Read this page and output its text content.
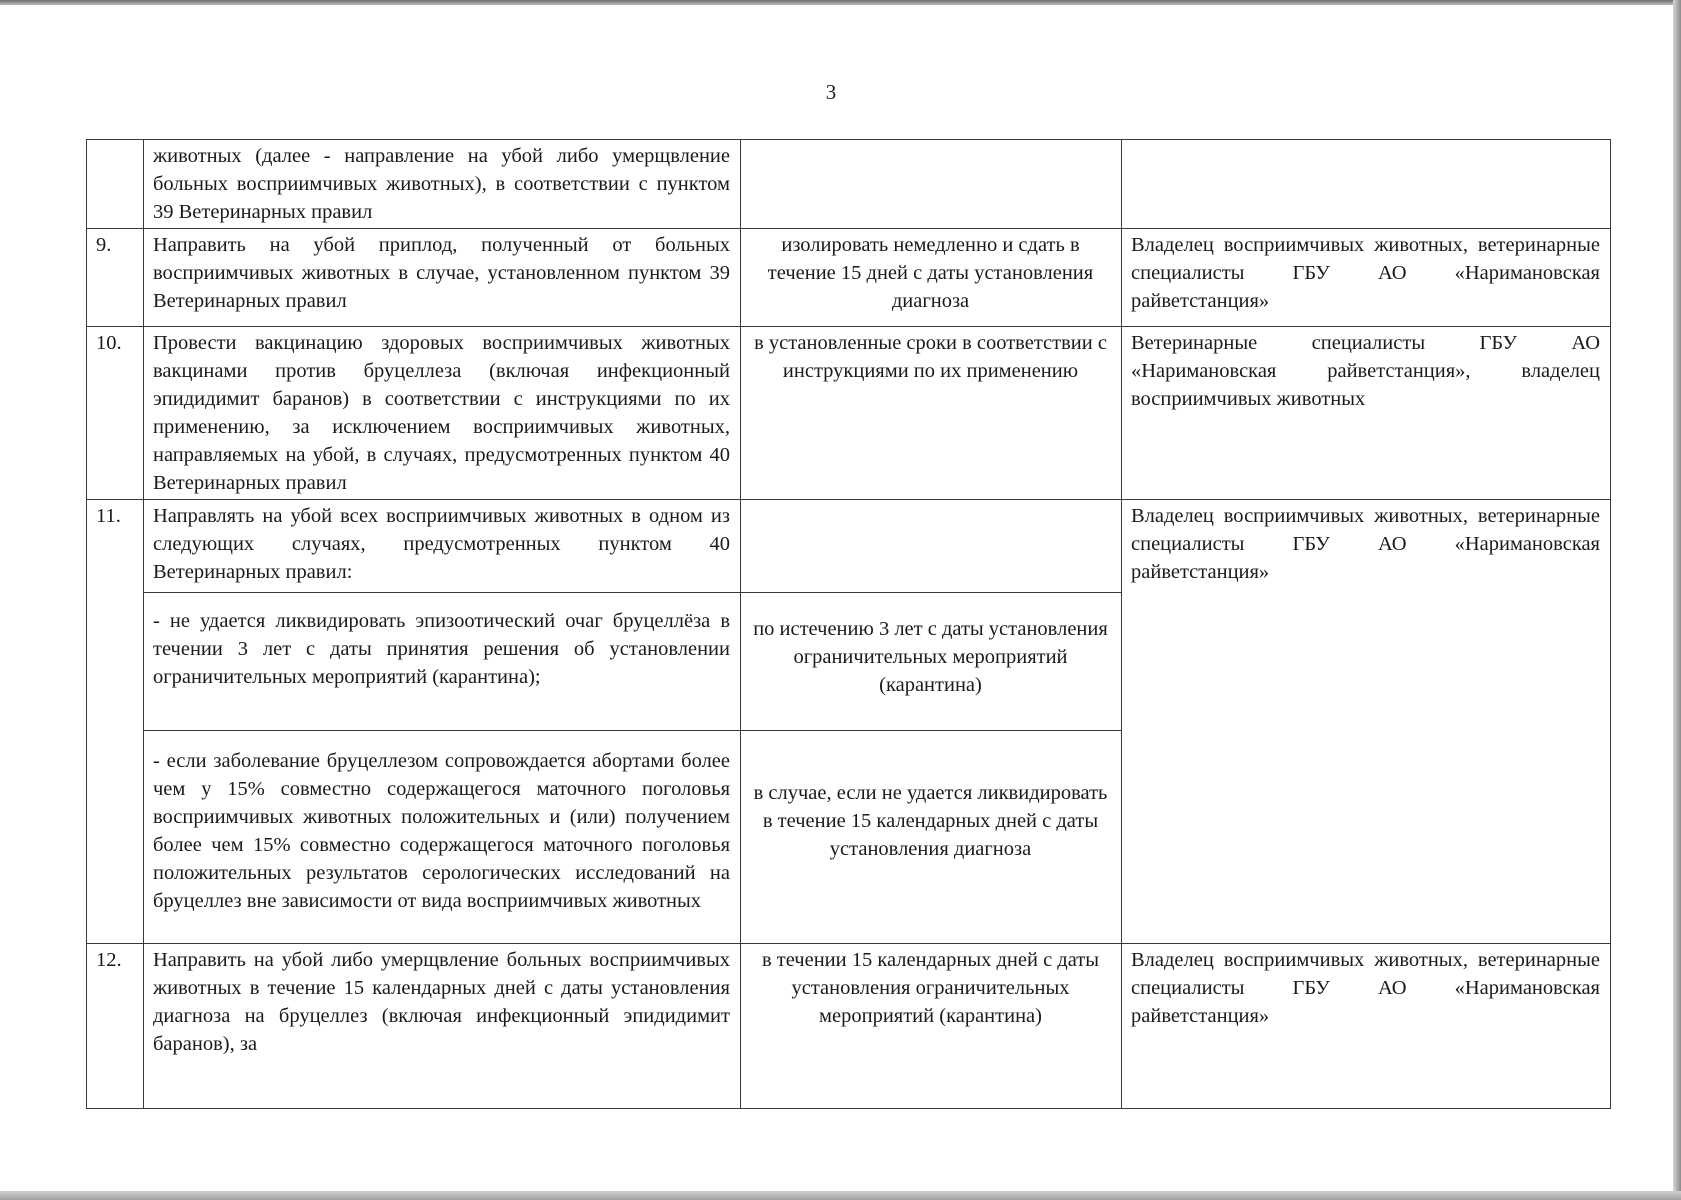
3
	животных (далее - направление на убой либо умерщвление больных восприимчивых животных), в соответствии с пунктом 39 Ветеринарных правил		
9.	Направить на убой приплод, полученный от больных восприимчивых животных в случае, установленном пунктом 39 Ветеринарных правил	изолировать немедленно и сдать в течение 15 дней с даты установления диагноза	Владелец восприимчивых животных, ветеринарные специалисты ГБУ АО «Наримановская райветстанция»
10.	Провести вакцинацию здоровых восприимчивых животных вакцинами против бруцеллеза (включая инфекционный эпидидимит баранов) в соответствии с инструкциями по их применению, за исключением восприимчивых животных, направляемых на убой, в случаях, предусмотренных пунктом 40 Ветеринарных правил	в установленные сроки в соответствии с инструкциями по их применению	Ветеринарные специалисты ГБУ АО «Наримановская райветстанция», владелец восприимчивых животных
11.	Направлять на убой всех восприимчивых животных в одном из следующих случаях, предусмотренных пунктом 40 Ветеринарных правил:		Владелец восприимчивых животных, ветеринарные специалисты ГБУ АО «Наримановская райветстанция»
	- не удается ликвидировать эпизоотический очаг бруцеллёза в течении 3 лет с даты принятия решения об установлении ограничительных мероприятий (карантина);	по истечению 3 лет с даты установления ограничительных мероприятий (карантина)	
	- если заболевание бруцеллезом сопровождается абортами более чем у 15% совместно содержащегося маточного поголовья восприимчивых животных положительных и (или) получением более чем 15% совместно содержащегося маточного поголовья положительных результатов серологических исследований на бруцеллез вне зависимости от вида восприимчивых животных	в случае, если не удается ликвидировать в течение 15 календарных дней с даты установления диагноза	
12.	Направить на убой либо умерщвление больных восприимчивых животных в течение 15 календарных дней с даты установления диагноза на бруцеллез (включая инфекционный эпидидимит баранов), за	в течении 15 календарных дней с даты установления ограничительных мероприятий (карантина)	Владелец восприимчивых животных, ветеринарные специалисты ГБУ АО «Наримановская райветстанция»
